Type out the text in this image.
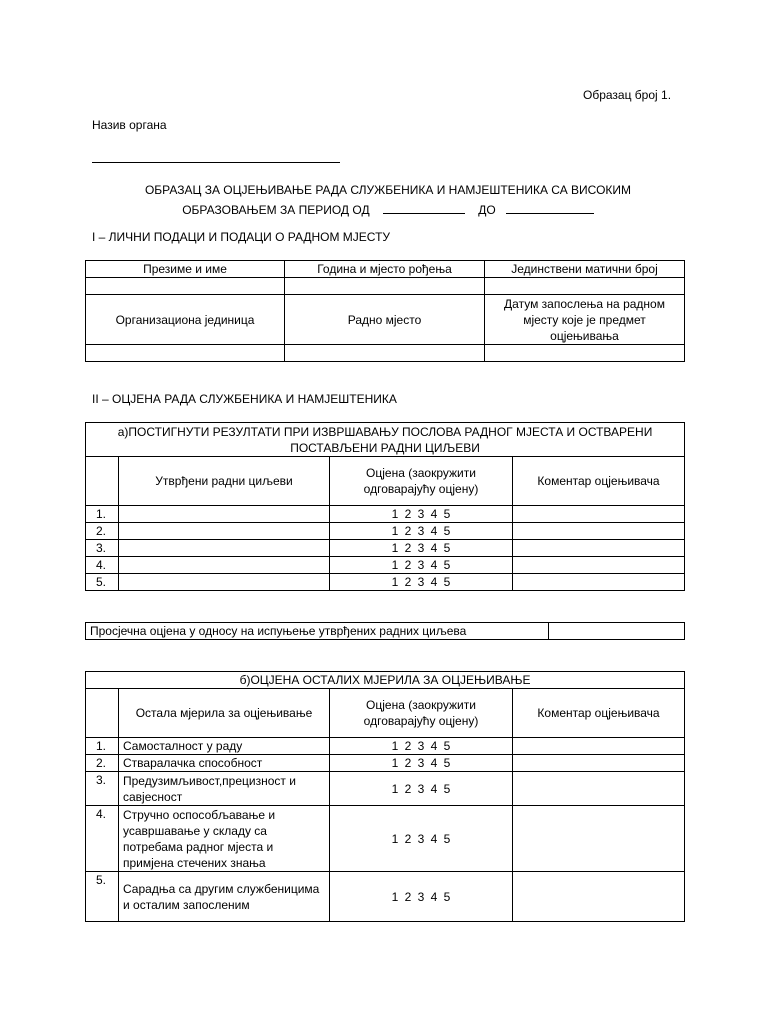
Образац број 1.
Назив органа
ОБРАЗАЦ ЗА ОЦЈЕЊИВАЊЕ РАДА СЛУЖБЕНИКА И НАМЈЕШТЕНИКА СА ВИСОКИМ
ОБРАЗОВАЊЕМ ЗА ПЕРИОД ОД	ДО
I – ЛИЧНИ ПОДАЦИ И ПОДАЦИ О РАДНОМ МЈЕСТУ
Презиме и име	Година и мјесто рођења	Јединствени матични број

Организациона јединица	Радно мјесто	Датум запослења на радном мјесту које је предмет оцјењивања

II – ОЦЈЕНА РАДА СЛУЖБЕНИКА И НАМЈЕШТЕНИКА
а)ПОСТИГНУТИ РЕЗУЛТАТИ ПРИ ИЗВРШАВАЊУ ПОСЛОВА РАДНОГ МЈЕСТА И ОСТВАРЕНИ ПОСТАВЉЕНИ РАДНИ ЦИЉЕВИ			
	Утврђени радни циљеви	Оцјена (заокружити одговарајућу оцјену)	Коментар оцјењивача
1.		1 2 3 4 5	
2.		1 2 3 4 5	
3.		1 2 3 4 5	
4.		1 2 3 4 5	
5.		1 2 3 4 5	
Просјечна оцјена у односу на испуњење утврђених радних циљева	
б)ОЦЈЕНА ОСТАЛИХ МЈЕРИЛА ЗА ОЦЈЕЊИВАЊЕ			
	Остала мјерила за оцјењивање	Оцјена (заокружити одговарајућу оцјену)	Коментар оцјењивача
1.	Самосталност у раду	1 2 3 4 5	
2.	Стваралачка способност	1 2 3 4 5	
3.	Предузимљивост,прецизност и савјесност	1 2 3 4 5	
4.	Стручно оспособљавање и усавршавање у складу са потребама радног мјеста и примјена стечених знања	1 2 3 4 5	
5.	Сарадња са другим службеницима и осталим запосленим	1 2 3 4 5	
